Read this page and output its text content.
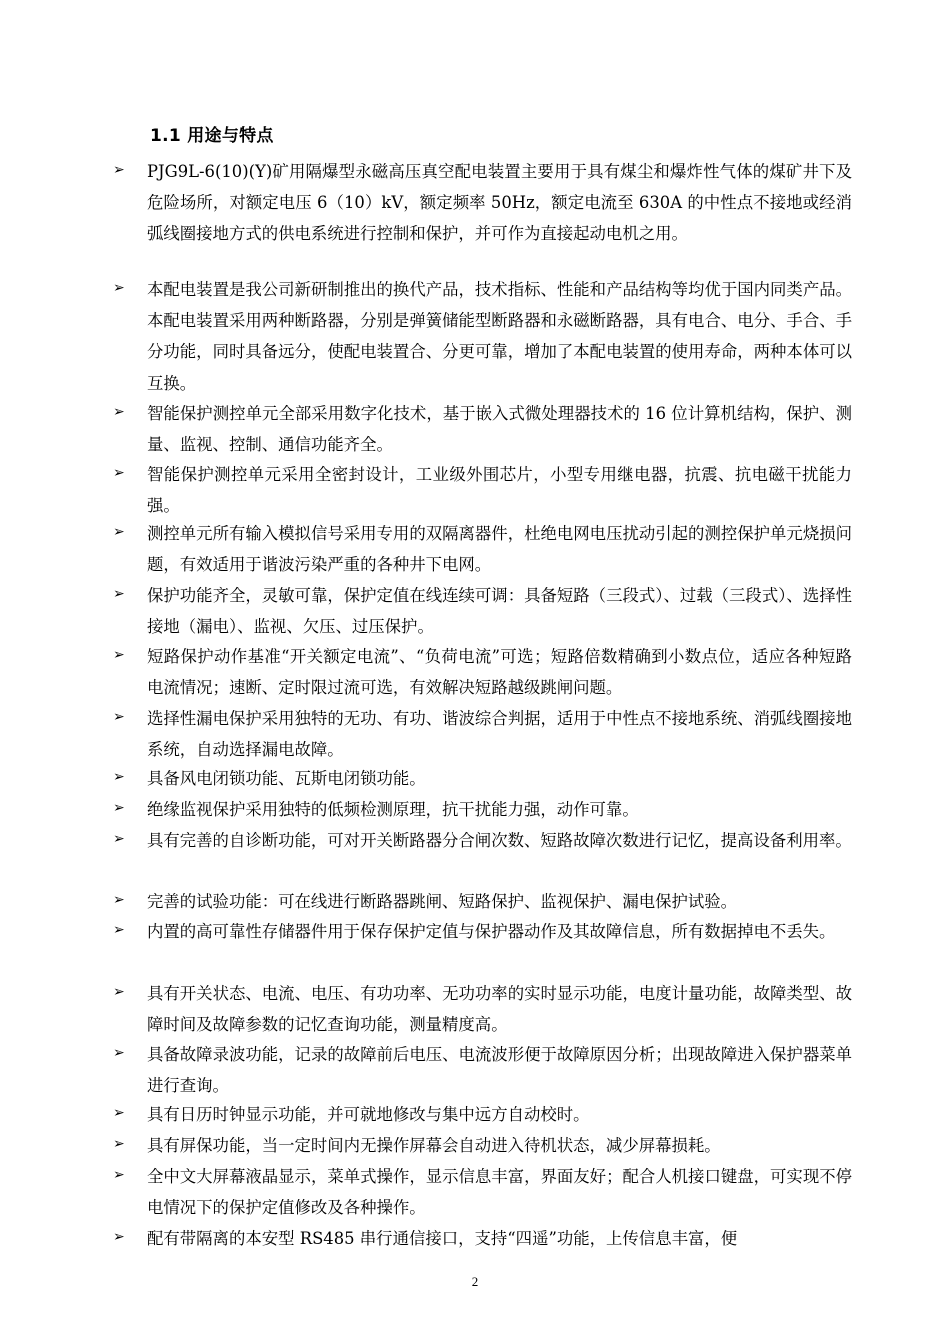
1.1 用途与特点
➢ PJG9L-6(10)(Y)矿用隔爆型永磁高压真空配电装置主要用于具有煤尘和爆炸性气体的煤矿井下及危险场所，对额定电压 6（10）kV，额定频率 50Hz，额定电流至 630A 的中性点不接地或经消弧线圈接地方式的供电系统进行控制和保护，并可作为直接起动电机之用。

➢ 本配电装置是我公司新研制推出的换代产品，技术指标、性能和产品结构等均优于国内同类产品。本配电装置采用两种断路器，分别是弹簧储能型断路器和永磁断路器，具有电合、电分、手合、手分功能，同时具备远分，使配电装置合、分更可靠，增加了本配电装置的使用寿命，两种本体可以互换。

➢ 智能保护测控单元全部采用数字化技术，基于嵌入式微处理器技术的 16 位计算机结构，保护、测量、监视、控制、通信功能齐全。

➢ 智能保护测控单元采用全密封设计，工业级外围芯片，小型专用继电器，抗震、抗电磁干扰能力强。

➢ 测控单元所有输入模拟信号采用专用的双隔离器件，杜绝电网电压扰动引起的测控保护单元烧损问题，有效适用于谐波污染严重的各种井下电网。

➢ 保护功能齐全，灵敏可靠，保护定值在线连续可调：具备短路（三段式）、过载（三段式）、选择性接地（漏电）、监视、欠压、过压保护。

➢ 短路保护动作基准“开关额定电流”、“负荷电流”可选；短路倍数精确到小数点位，适应各种短路电流情况；速断、定时限过流可选，有效解决短路越级跳闸问题。

➢ 选择性漏电保护采用独特的无功、有功、谐波综合判据，适用于中性点不接地系统、消弧线圈接地系统，自动选择漏电故障。

➢ 具备风电闭锁功能、瓦斯电闭锁功能。

➢ 绝缘监视保护采用独特的低频检测原理，抗干扰能力强，动作可靠。

➢ 具有完善的自诊断功能，可对开关断路器分合闸次数、短路故障次数进行记忆，提高设备利用率。

➢ 完善的试验功能：可在线进行断路器跳闸、短路保护、监视保护、漏电保护试验。

➢ 内置的高可靠性存储器件用于保存保护定值与保护器动作及其故障信息，所有数据掉电不丢失。

➢ 具有开关状态、电流、电压、有功功率、无功功率的实时显示功能，电度计量功能，故障类型、故障时间及故障参数的记忆查询功能，测量精度高。

➢ 具备故障录波功能，记录的故障前后电压、电流波形便于故障原因分析；出现故障进入保护器菜单进行查询。

➢ 具有日历时钟显示功能，并可就地修改与集中远方自动校时。

➢ 具有屏保功能，当一定时间内无操作屏幕会自动进入待机状态，减少屏幕损耗。

➢ 全中文大屏幕液晶显示，菜单式操作，显示信息丰富，界面友好；配合人机接口键盘，可实现不停电情况下的保护定值修改及各种操作。

➢ 配有带隔离的本安型 RS485 串行通信接口，支持“四遥”功能，上传信息丰富，便

2
